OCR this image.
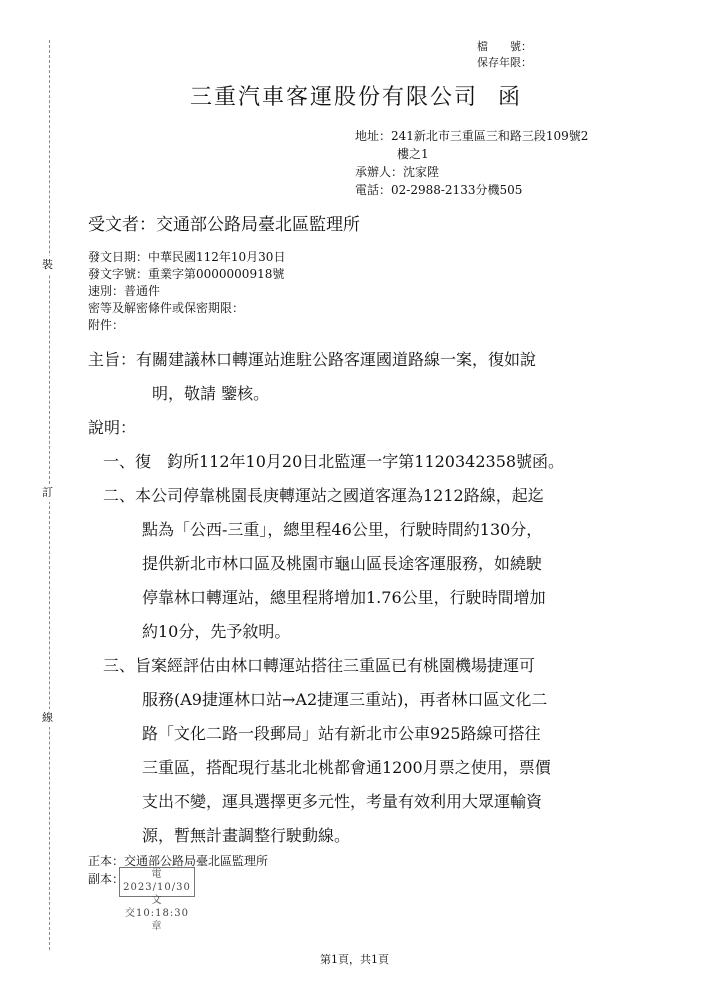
裝
訂
線
檔　　號：
保存年限：
三重汽車客運股份有限公司 函
地址：241新北市三重區三和路三段109號2
樓之1
承辦人：沈家陞
電話：02-2988-2133分機505
受文者：交通部公路局臺北區監理所
發文日期：中華民國112年10月30日
發文字號：重業字第0000000918號
速別：普通件
密等及解密條件或保密期限：
附件：
主旨：有關建議林口轉運站進駐公路客運國道路線一案，復如說
明，敬請 鑒核。
說明：
一、復　鈞所112年10月20日北監運一字第1120342358號函。
二、本公司停靠桃園長庚轉運站之國道客運為1212路線，起迄
點為「公西-三重」，總里程46公里，行駛時間約130分，
提供新北市林口區及桃園市龜山區長途客運服務，如繞駛
停靠林口轉運站，總里程將增加1.76公里，行駛時間增加
約10分，先予敘明。
三、旨案經評估由林口轉運站搭往三重區已有桃園機場捷運可
服務(A9捷運林口站→A2捷運三重站)，再者林口區文化二
路「文化二路一段郵局」站有新北市公車925路線可搭往
三重區，搭配現行基北北桃都會通1200月票之使用，票價
支出不變，運具選擇更多元性，考量有效利用大眾運輸資
源，暫無計畫調整行駛動線。
正本：交通部公路局臺北區監理所
副本：	電2023/10/30文
交10:18:30章
第1頁，共1頁
